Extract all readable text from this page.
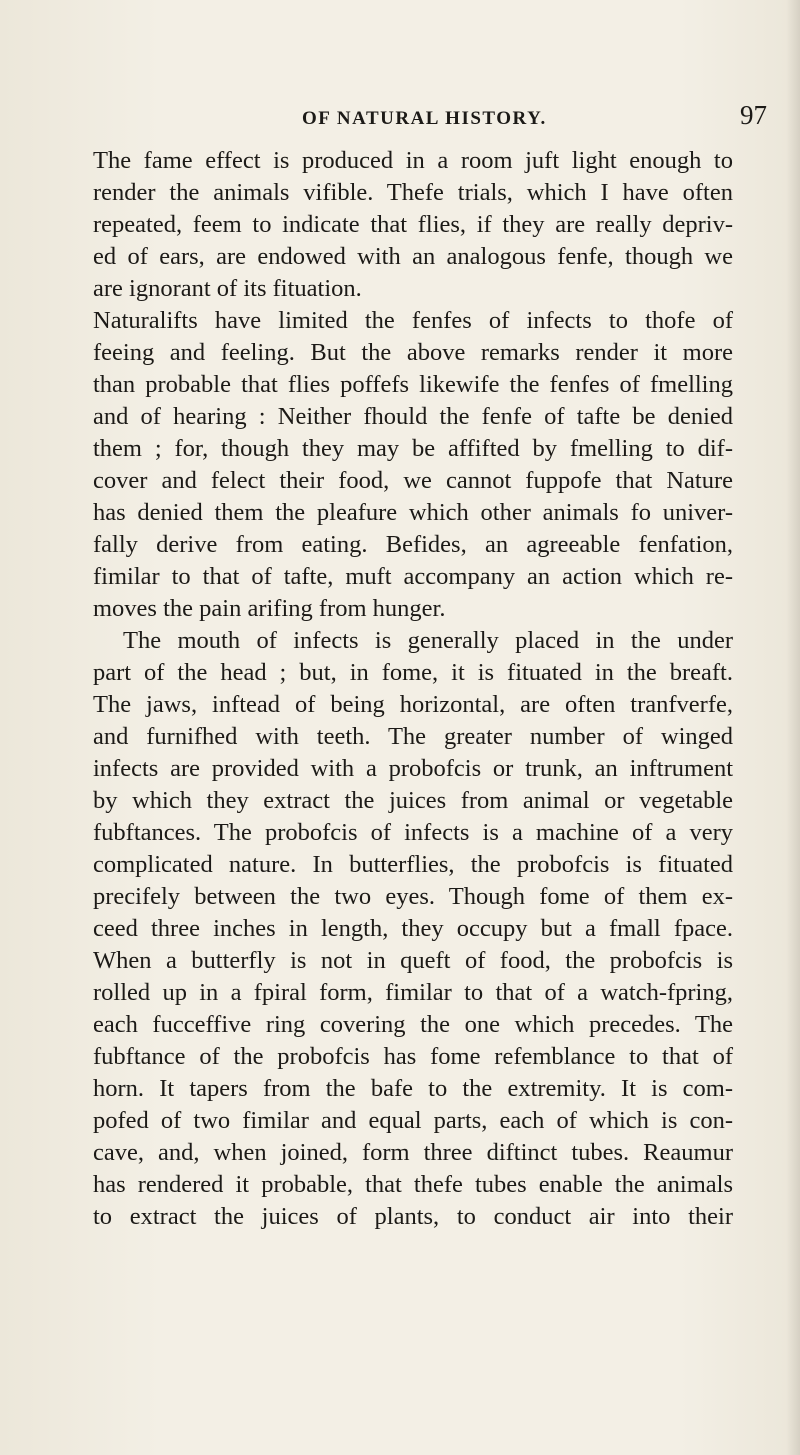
OF NATURAL HISTORY.	97
The fame effect is produced in a room juft light enough to
render the animals vifible. Thefe trials, which I have often
repeated, feem to indicate that flies, if they are really depriv-
ed of ears, are endowed with an analogous fenfe, though we
are ignorant of its fituation.
Naturalifts have limited the fenfes of infects to thofe of
feeing and feeling. But the above remarks render it more
than probable that flies poffefs likewife the fenfes of fmelling
and of hearing : Neither fhould the fenfe of tafte be denied
them ; for, though they may be affifted by fmelling to dif-
cover and felect their food, we cannot fuppofe that Nature
has denied them the pleafure which other animals fo univer-
fally derive from eating. Befides, an agreeable fenfation,
fimilar to that of tafte, muft accompany an action which re-
moves the pain arifing from hunger.
The mouth of infects is generally placed in the under
part of the head ; but, in fome, it is fituated in the breaft.
The jaws, inftead of being horizontal, are often tranfverfe,
and furnifhed with teeth. The greater number of winged
infects are provided with a probofcis or trunk, an inftrument
by which they extract the juices from animal or vegetable
fubftances. The probofcis of infects is a machine of a very
complicated nature. In butterflies, the probofcis is fituated
precifely between the two eyes. Though fome of them ex-
ceed three inches in length, they occupy but a fmall fpace.
When a butterfly is not in queft of food, the probofcis is
rolled up in a fpiral form, fimilar to that of a watch-fpring,
each fucceffive ring covering the one which precedes. The
fubftance of the probofcis has fome refemblance to that of
horn. It tapers from the bafe to the extremity. It is com-
pofed of two fimilar and equal parts, each of which is con-
cave, and, when joined, form three diftinct tubes. Reaumur
has rendered it probable, that thefe tubes enable the animals
to extract the juices of plants, to conduct air into their
